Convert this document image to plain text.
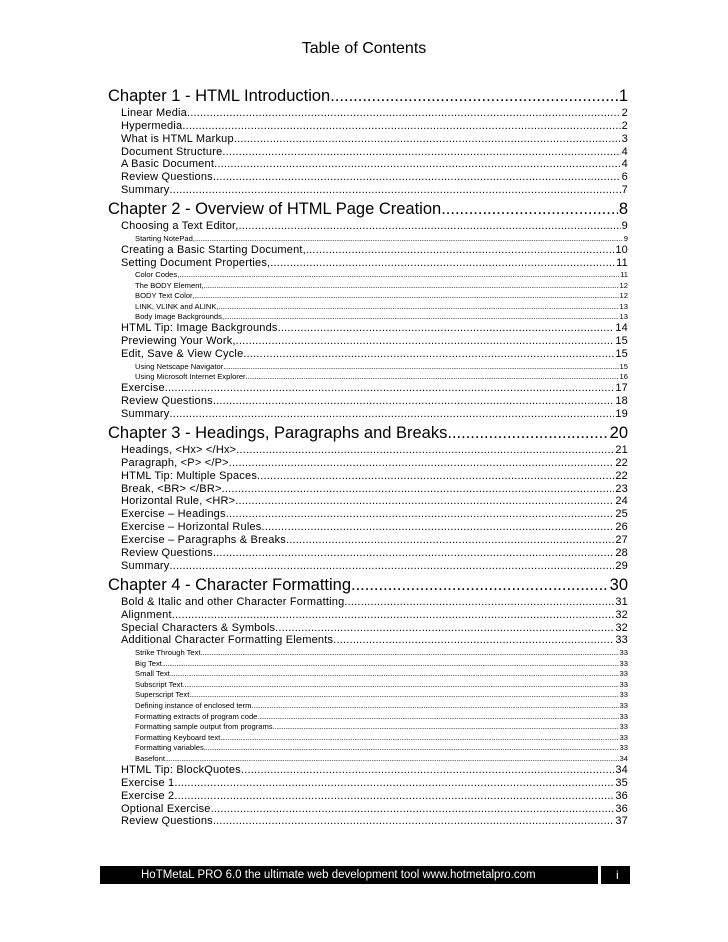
Table of Contents
Chapter 1 - HTML Introduction .....	1
Linear Media .....	2
Hypermedia .....	2
What is HTML Markup .....	3
Document Structure .....	4
A Basic Document .....	4
Review Questions .....	6
Summary .....	7
Chapter 2 - Overview of HTML Page Creation .....	8
Choosing a Text Editor, .....	9
Starting NotePad, .....	9
Creating a Basic Starting Document, .....	10
Setting Document Properties, .....	11
Color Codes, .....	11
The BODY Element, .....	12
BODY Text Color, .....	12
LINK, VLINK and ALINK, .....	13
Body Image Backgrounds, .....	13
HTML Tip: Image Backgrounds .....	14
Previewing Your Work, .....	15
Edit, Save & View Cycle .....	15
Using Netscape Navigator .....	15
Using Microsoft Internet Explorer .....	16
Exercise .....	17
Review Questions .....	18
Summary .....	19
Chapter 3 - Headings, Paragraphs and Breaks .....	20
Headings, <Hx> </Hx> .....	21
Paragraph, <P> </P> .....	22
HTML Tip: Multiple Spaces .....	22
Break, <BR> </BR> .....	23
Horizontal Rule, <HR> .....	24
Exercise – Headings .....	25
Exercise – Horizontal Rules .....	26
Exercise – Paragraphs & Breaks .....	27
Review Questions .....	28
Summary .....	29
Chapter 4 - Character Formatting .....	30
Bold & Italic and other Character Formatting .....	31
Alignment .....	32
Special Characters & Symbols .....	32
Additional Character Formatting Elements .....	33
Strike Through Text .....	33
Big Text .....	33
Small Text .....	33
Subscript Text .....	33
Superscript Text .....	33
Defining instance of enclosed term .....	33
Formatting extracts of program code .....	33
Formatting sample output from programs .....	33
Formatting Keyboard text .....	33
Formatting variables .....	33
Basefont .....	34
HTML Tip: BlockQuotes .....	34
Exercise 1 .....	35
Exercise 2 .....	36
Optional Exercise .....	36
Review Questions .....	37
HoTMetaL PRO 6.0 the ultimate web development tool www.hotmetalpro.com	i
